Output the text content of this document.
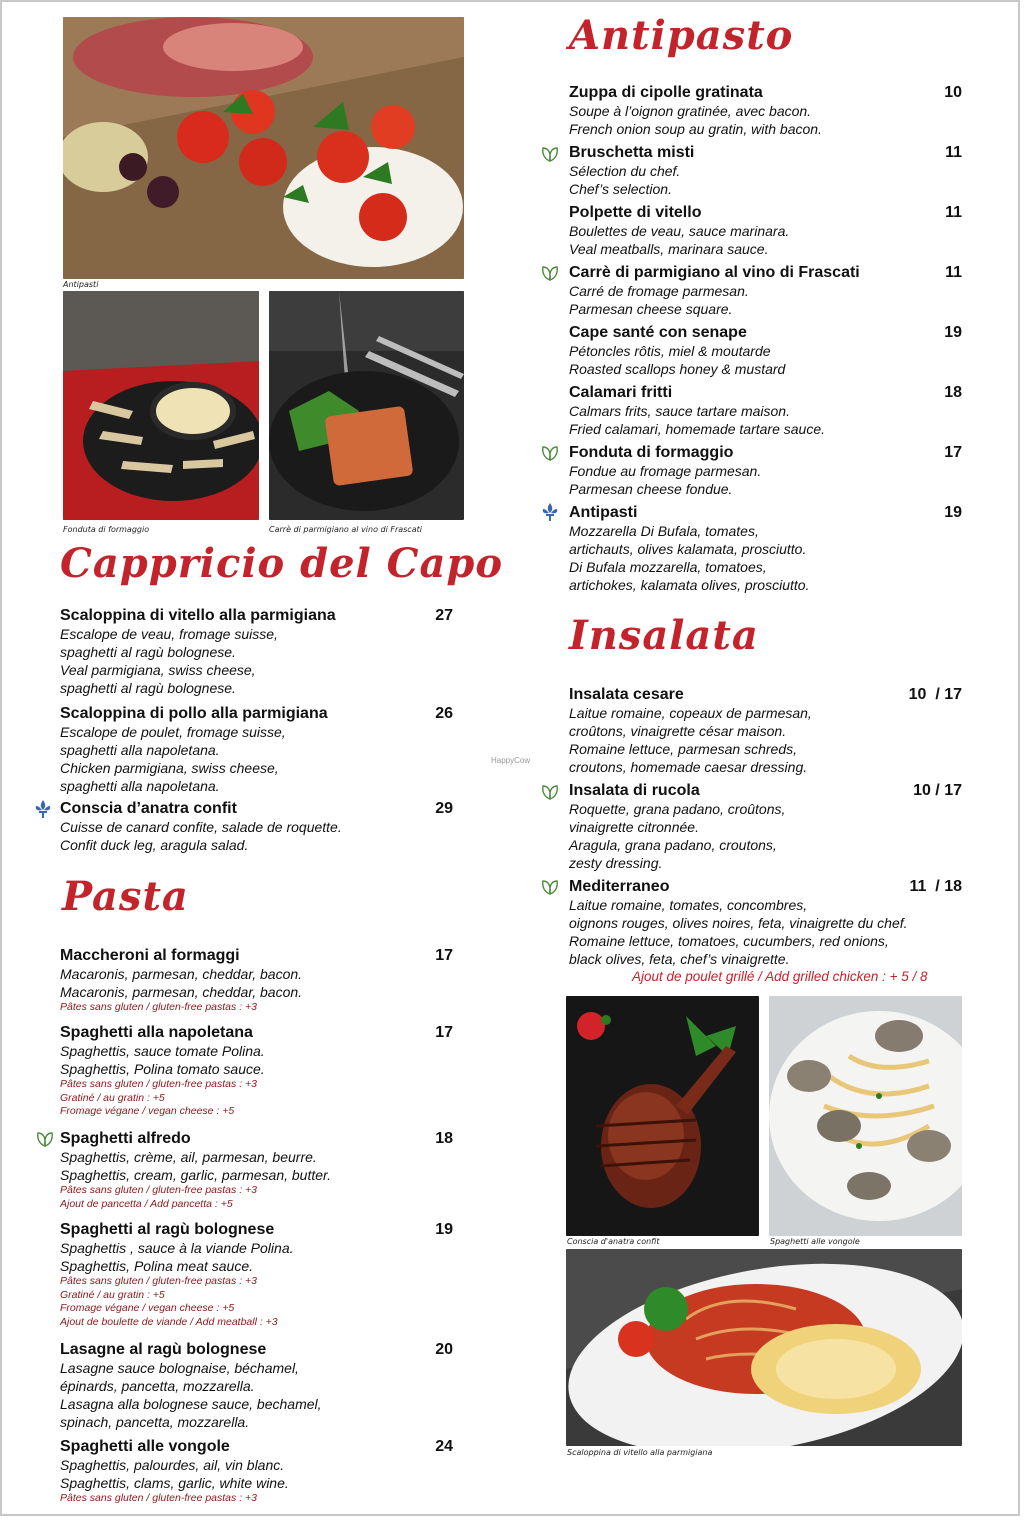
Antipasti
Fonduta di formaggio	Carrè di parmigiano al vino di Frascati
Cappricio del Capo
Scaloppina di vitello alla parmigiana	27
Escalope de veau, fromage suisse,
spaghetti al ragù bolognese.
Veal parmigiana, swiss cheese,
spaghetti al ragù bolognese.
Scaloppina di pollo alla parmigiana	26
Escalope de poulet, fromage suisse,
spaghetti alla napoletana.
Chicken parmigiana, swiss cheese,
spaghetti alla napoletana.
Conscia d’anatra confit	29
Cuisse de canard confite, salade de roquette.
Confit duck leg, aragula salad.
Pasta
Maccheroni al formaggi	17
Macaronis, parmesan, cheddar, bacon.
Macaronis, parmesan, cheddar, bacon.
Pâtes sans gluten / gluten-free pastas : +3
Spaghetti alla napoletana	17
Spaghettis, sauce tomate Polina.
Spaghettis, Polina tomato sauce.
Pâtes sans gluten / gluten-free pastas : +3
Gratiné / au gratin : +5
Fromage végane / vegan cheese : +5
Spaghetti alfredo	18
Spaghettis, crème, ail, parmesan, beurre.
Spaghettis, cream, garlic, parmesan, butter.
Pâtes sans gluten / gluten-free pastas : +3
Ajout de pancetta / Add pancetta : +5
Spaghetti al ragù bolognese	19
Spaghettis , sauce à la viande Polina.
Spaghettis, Polina meat sauce.
Pâtes sans gluten / gluten-free pastas : +3
Gratiné / au gratin : +5
Fromage végane / vegan cheese : +5
Ajout de boulette de viande / Add meatball : +3
Lasagne al ragù bolognese	20
Lasagne sauce bolognaise, béchamel,
épinards, pancetta, mozzarella.
Lasagna alla bolognese sauce, bechamel,
spinach, pancetta, mozzarella.
Spaghetti alle vongole	24
Spaghettis, palourdes, ail, vin blanc.
Spaghettis, clams, garlic, white wine.
Pâtes sans gluten / gluten-free pastas : +3
Antipasto
Zuppa di cipolle gratinata	10
Soupe à l’oignon gratinée, avec bacon.
French onion soup au gratin, with bacon.
Bruschetta misti	11
Sélection du chef.
Chef’s selection.
Polpette di vitello	11
Boulettes de veau, sauce marinara.
Veal meatballs, marinara sauce.
Carrè di parmigiano al vino di Frascati	11
Carré de fromage parmesan.
Parmesan cheese square.
Cape santé con senape	19
Pétoncles rôtis, miel & moutarde
Roasted scallops honey & mustard
Calamari fritti	18
Calmars frits, sauce tartare maison.
Fried calamari, homemade tartare sauce.
Fonduta di formaggio	17
Fondue au fromage parmesan.
Parmesan cheese fondue.
Antipasti	19
Mozzarella Di Bufala, tomates,
artichauts, olives kalamata, prosciutto.
Di Bufala mozzarella, tomatoes,
artichokes, kalamata olives, prosciutto.
Insalata
HappyCow
Insalata cesare	10  / 17
Laitue romaine, copeaux de parmesan,
croûtons, vinaigrette césar maison.
Romaine lettuce, parmesan schreds,
croutons, homemade caesar dressing.
Insalata di rucola	10 / 17
Roquette, grana padano, croûtons,
vinaigrette citronnée.
Aragula, grana padano, croutons,
zesty dressing.
Mediterraneo	11  / 18
Laitue romaine, tomates, concombres,
oignons rouges, olives noires, feta, vinaigrette du chef.
Romaine lettuce, tomatoes, cucumbers, red onions,
black olives, feta, chef’s vinaigrette.
Ajout de poulet grillé / Add grilled chicken : + 5 / 8
Conscia d'anatra confit	Spaghetti alle vongole
Scaloppina di vitello alla parmigiana
